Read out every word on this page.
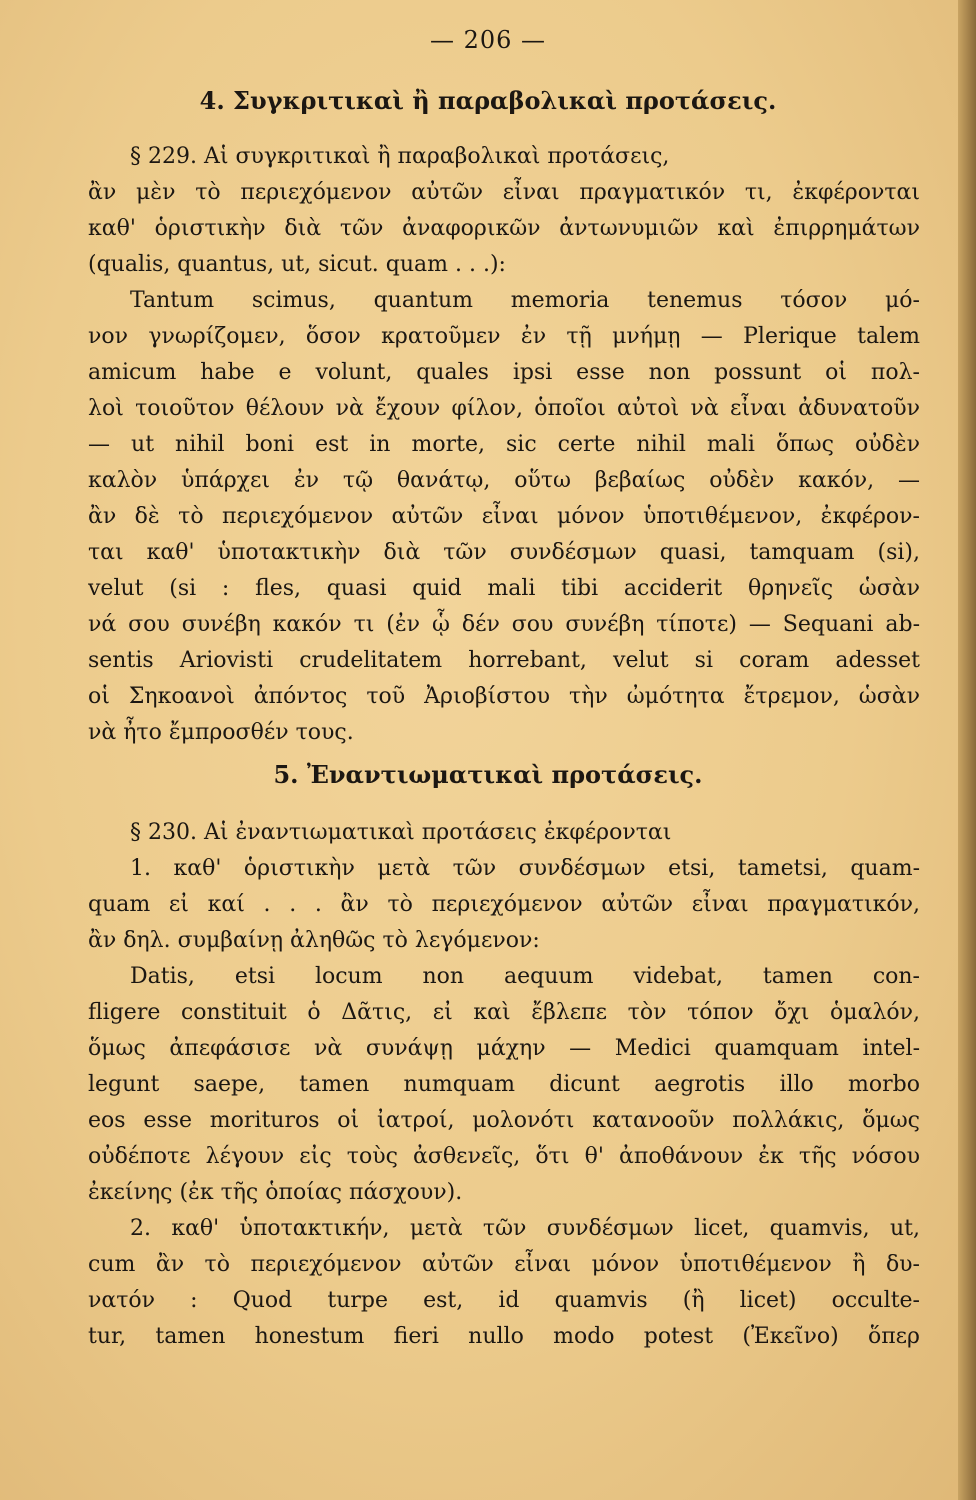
— 206 —
4. Συγκριτικαὶ ἢ παραβολικαὶ προτάσεις.
§ 229. Αἱ συγκριτικαὶ ἢ παραβολικαὶ προτάσεις,
ἂν μὲν τὸ περιεχόμενον αὐτῶν εἶναι πραγματικόν τι, ἐκφέρονται
καθ' ὁριστικὴν διὰ τῶν ἀναφορικῶν ἀντωνυμιῶν καὶ ἐπιρρημάτων
(qualis, quantus, ut, sicut. quam . . .):
Tantum scimus, quantum memoria tenemus τόσον μό-
νον γνωρίζομεν, ὅσον κρατοῦμεν ἐν τῇ μνήμῃ — Plerique talem
amicum habe e volunt, quales ipsi esse non possunt οἱ πολ-
λοὶ τοιοῦτον θέλουν νὰ ἔχουν φίλον, ὁποῖοι αὐτοὶ νὰ εἶναι ἀδυνατοῦν
— ut nihil boni est in morte, sic certe nihil mali ὅπως οὐδὲν
καλὸν ὑπάρχει ἐν τῷ θανάτῳ, οὕτω βεβαίως οὐδὲν κακόν, —
ἂν δὲ τὸ περιεχόμενον αὐτῶν εἶναι μόνον ὑποτιθέμενον, ἐκφέρον-
ται καθ' ὑποτακτικὴν διὰ τῶν συνδέσμων quasi, tamquam (si),
velut (si : fles, quasi quid mali tibi acciderit θρηνεῖς ὡσὰν
νά σου συνέβη κακόν τι (ἐν ᾧ δέν σου συνέβη τίποτε) — Sequani ab-
sentis Ariovisti crudelitatem horrebant, velut si coram adesset
οἱ Σηκοανοὶ ἀπόντος τοῦ Ἀριοβίστου τὴν ὠμότητα ἔτρεμον, ὡσὰν
νὰ ἦτο ἔμπροσθέν τους.
5. Ἐναντιωματικαὶ προτάσεις.
§ 230. Αἱ ἐναντιωματικαὶ προτάσεις ἐκφέρονται
1. καθ' ὁριστικὴν μετὰ τῶν συνδέσμων etsi, tametsi, quam-
quam εἰ καί . . . ἂν τὸ περιεχόμενον αὐτῶν εἶναι πραγματικόν,
ἂν δηλ. συμβαίνῃ ἀληθῶς τὸ λεγόμενον:
Datis, etsi locum non aequum videbat, tamen con-
fligere constituit ὁ Δᾶτις, εἰ καὶ ἔβλεπε τὸν τόπον ὄχι ὁμαλόν,
ὅμως ἀπεφάσισε νὰ συνάψῃ μάχην — Medici quamquam intel-
legunt saepe, tamen numquam dicunt aegrotis illo morbo
eos esse morituros οἱ ἰατροί, μολονότι κατανοοῦν πολλάκις, ὅμως
οὐδέποτε λέγουν εἰς τοὺς ἀσθενεῖς, ὅτι θ' ἀποθάνουν ἐκ τῆς νόσου
ἐκείνης (ἐκ τῆς ὁποίας πάσχουν).
2. καθ' ὑποτακτικήν, μετὰ τῶν συνδέσμων licet, quamvis, ut,
cum ἂν τὸ περιεχόμενον αὐτῶν εἶναι μόνον ὑποτιθέμενον ἢ δυ-
νατόν : Quod turpe est, id quamvis (ἢ licet) occulte-
tur, tamen honestum fieri nullo modo potest (Ἐκεῖνο) ὅπερ
